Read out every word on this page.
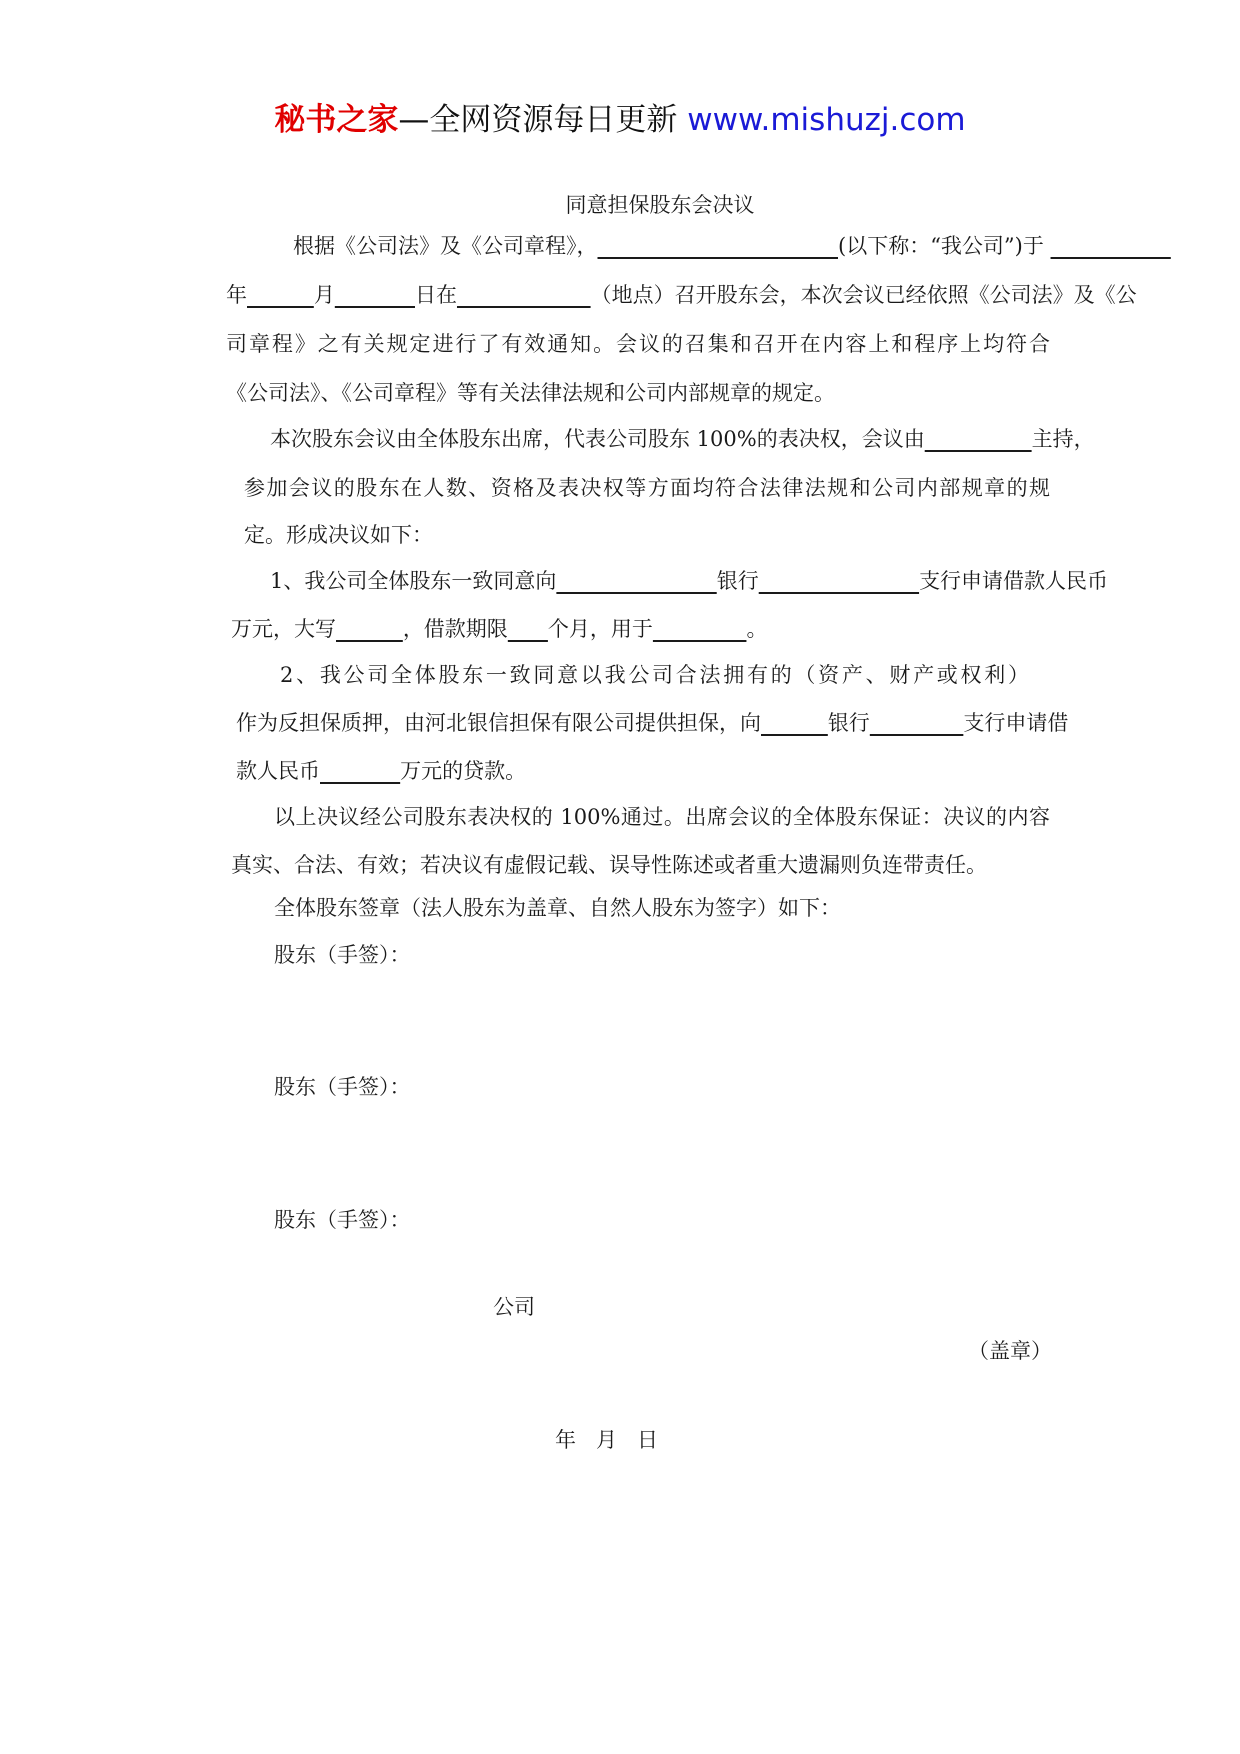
秘书之家—全网资源每日更新 www.mishuzj.com
同意担保股东会决议
根据《公司法》及《公司章程》，                  	(以下称：“我公司”)于          
年     	月      	日在          	（地点）召开股东会，本次会议已经依照《公司法》及《公
司章程》之有关规定进行了有效通知。会议的召集和召开在内容上和程序上均符合
《公司法》、《公司章程》等有关法律法规和公司内部规章的规定。
本次股东会议由全体股东出席，代表公司股东 100%的表决权，会议由        	主持，
参加会议的股东在人数、资格及表决权等方面均符合法律法规和公司内部规章的规
定。形成决议如下：
1、我公司全体股东一致同意向            	银行            	支行申请借款人民币
万元，大写     	，借款期限    个月，用于       	。
2、我公司全体股东一致同意以我公司合法拥有的（资产、财产或权利）
作为反担保质押，由河北银信担保有限公司提供担保，向     	银行       	支行申请借
款人民币      	万元的贷款。
以上决议经公司股东表决权的 100%通过。出席会议的全体股东保证：决议的内容
真实、合法、有效；若决议有虚假记载、误导性陈述或者重大遗漏则负连带责任。
全体股东签章（法人股东为盖章、自然人股东为签字）如下：
股东（手签）：
股东（手签）：
股东（手签）：
公司
（盖章）
年   月   日
